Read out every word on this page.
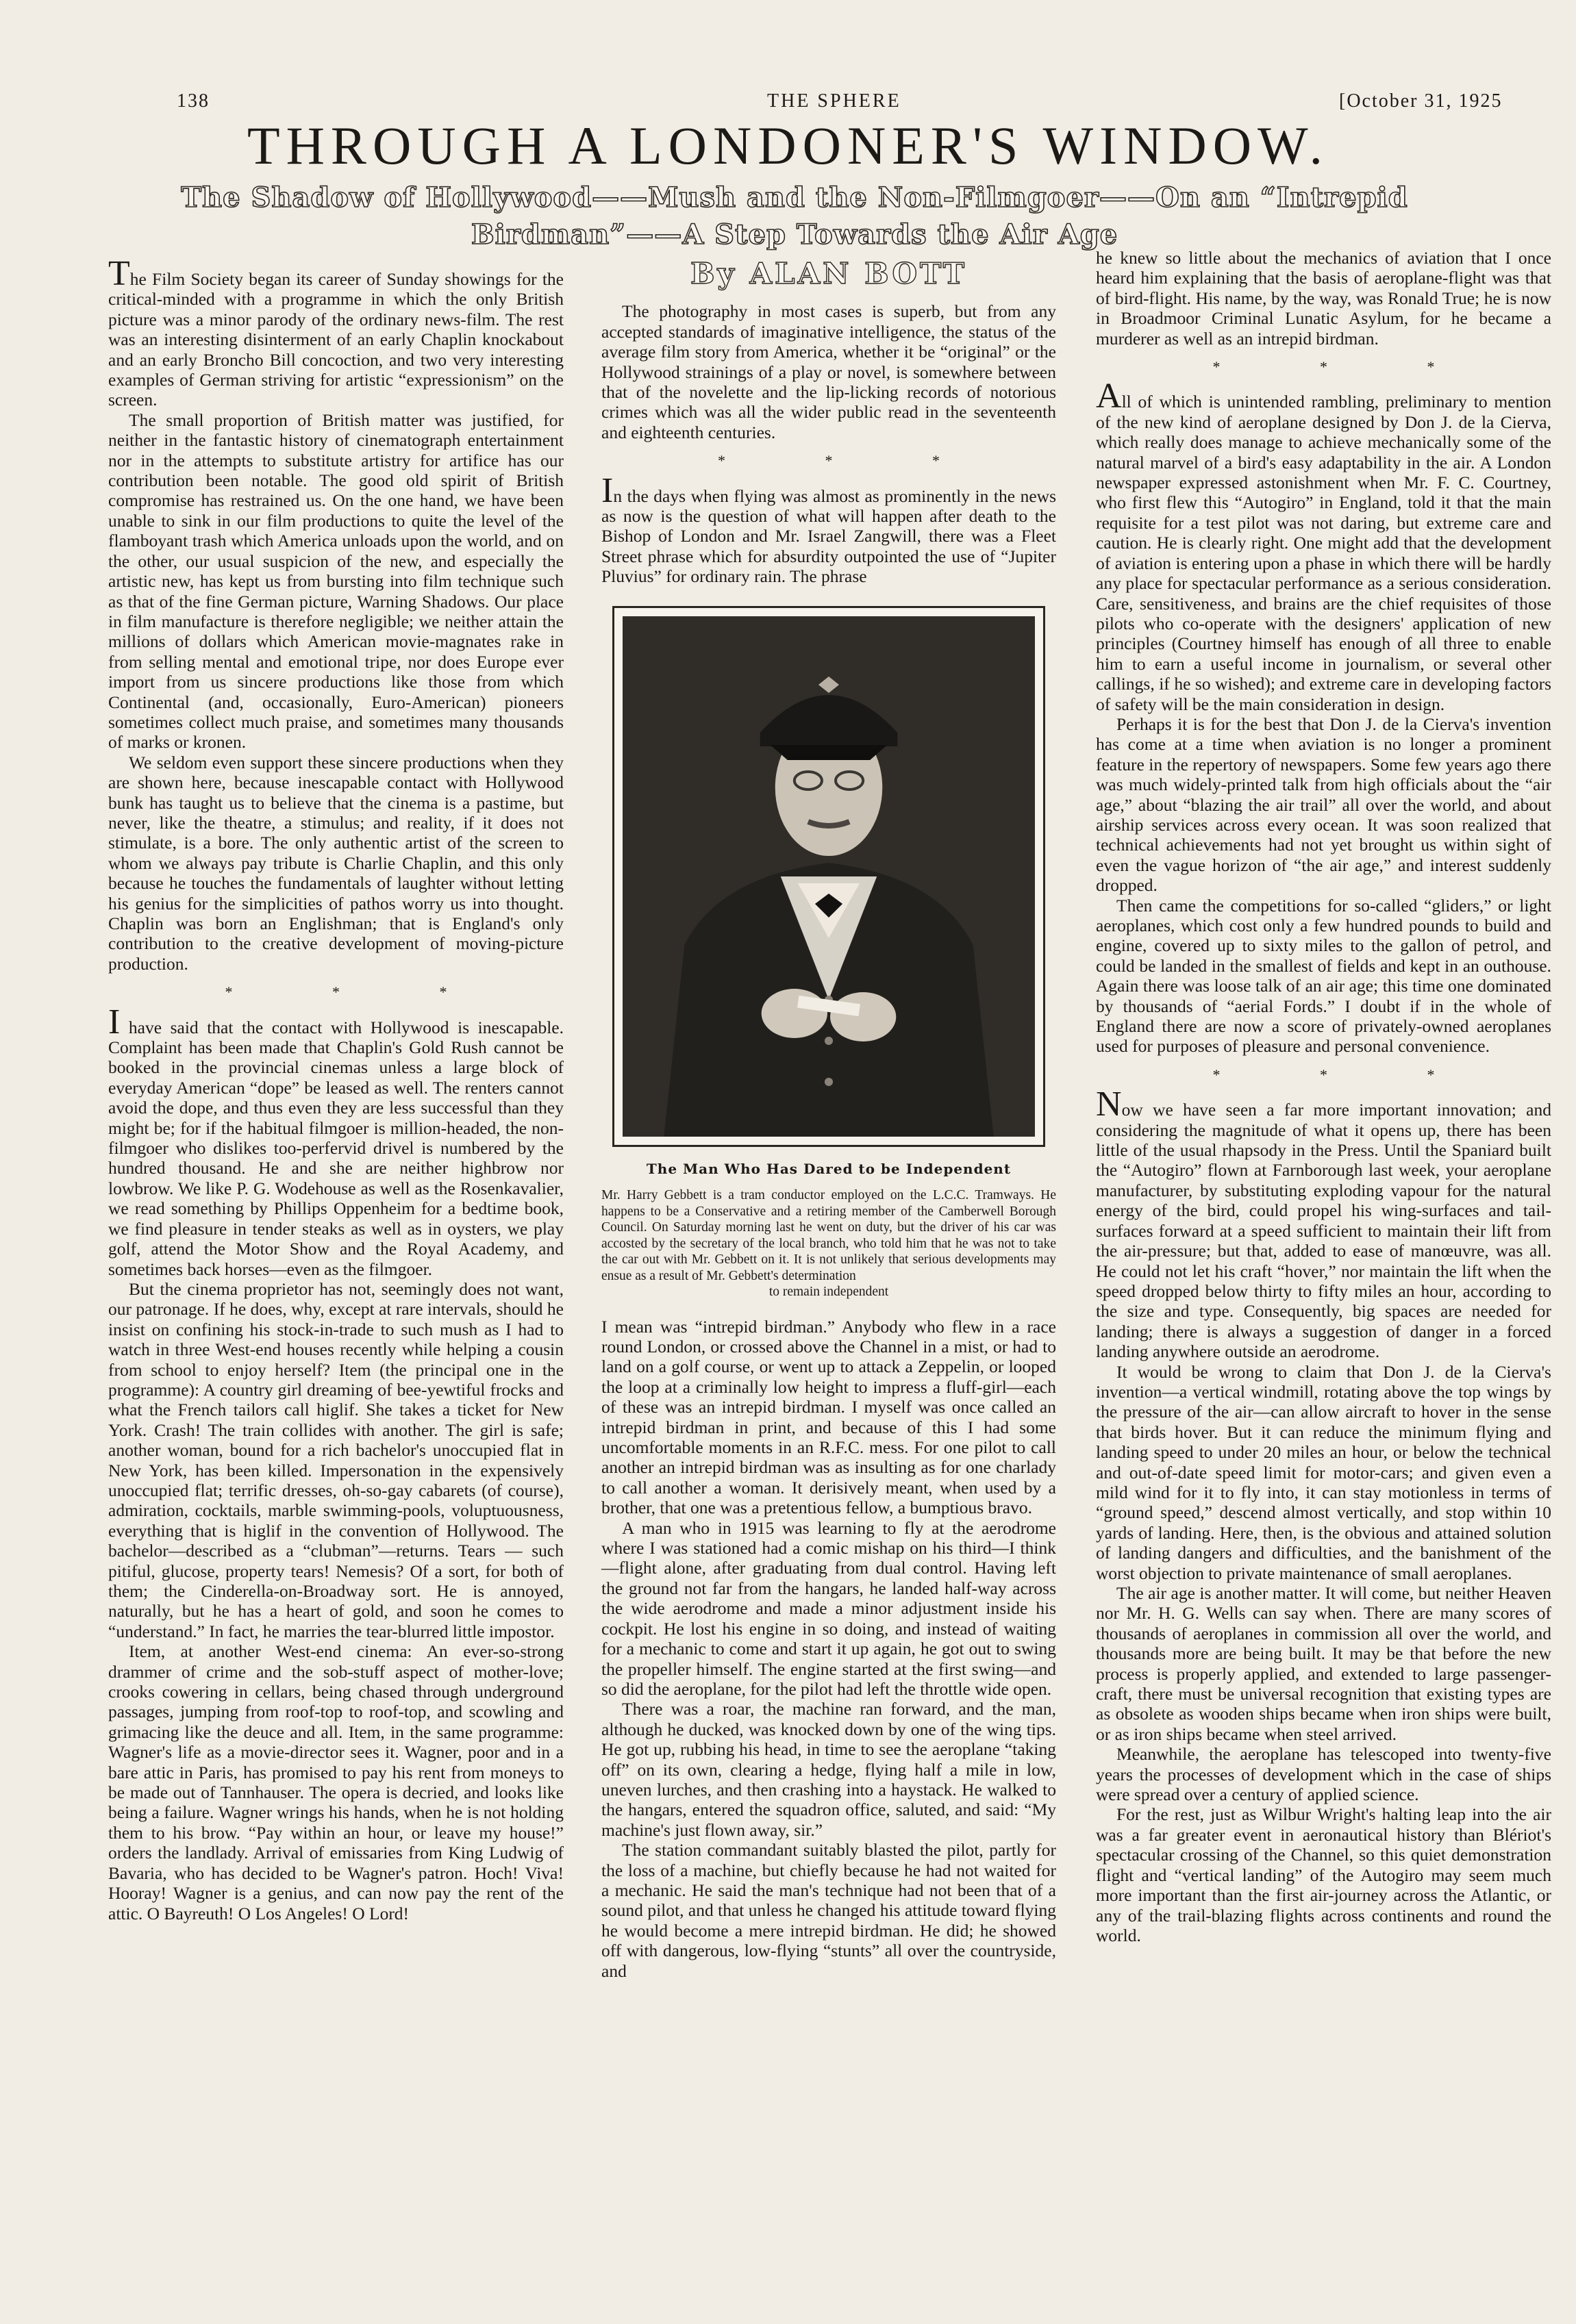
138	THE SPHERE	[October 31, 1925
THROUGH A LONDONER'S WINDOW.
The Shadow of Hollywood——Mush and the Non-Filmgoer——On an “Intrepid Birdman”——A Step Towards the Air Age

The Film Society began its career of Sunday showings for the critical-minded with a programme in which the only British picture was a minor parody of the ordinary news-film. The rest was an interesting disinterment of an early Chaplin knockabout and an early Broncho Bill concoction, and two very interesting examples of German striving for artistic “expressionism” on the screen.

The small proportion of British matter was justified, for neither in the fantastic history of cinematograph entertainment nor in the attempts to substitute artistry for artifice has our contribution been notable. The good old spirit of British compromise has restrained us. On the one hand, we have been unable to sink in our film productions to quite the level of the flamboyant trash which America unloads upon the world, and on the other, our usual suspicion of the new, and especially the artistic new, has kept us from bursting into film technique such as that of the fine German picture, Warning Shadows. Our place in film manufacture is therefore negligible; we neither attain the millions of dollars which American movie-magnates rake in from selling mental and emotional tripe, nor does Europe ever import from us sincere productions like those from which Continental (and, occasionally, Euro-American) pioneers sometimes collect much praise, and sometimes many thousands of marks or kronen.

We seldom even support these sincere productions when they are shown here, because inescapable contact with Hollywood bunk has taught us to believe that the cinema is a pastime, but never, like the theatre, a stimulus; and reality, if it does not stimulate, is a bore. The only authentic artist of the screen to whom we always pay tribute is Charlie Chaplin, and this only because he touches the fundamentals of laughter without letting his genius for the simplicities of pathos worry us into thought. Chaplin was born an Englishman; that is England's only contribution to the creative development of moving-picture production.

* * *

I have said that the contact with Hollywood is inescapable. Complaint has been made that Chaplin's Gold Rush cannot be booked in the provincial cinemas unless a large block of everyday American “dope” be leased as well. The renters cannot avoid the dope, and thus even they are less successful than they might be; for if the habitual filmgoer is million-headed, the non-filmgoer who dislikes too-perfervid drivel is numbered by the hundred thousand. He and she are neither highbrow nor lowbrow. We like P. G. Wodehouse as well as the Rosenkavalier, we read something by Phillips Oppenheim for a bedtime book, we find pleasure in tender steaks as well as in oysters, we play golf, attend the Motor Show and the Royal Academy, and sometimes back horses—even as the filmgoer.

But the cinema proprietor has not, seemingly does not want, our patronage. If he does, why, except at rare intervals, should he insist on confining his stock-in-trade to such mush as I had to watch in three West-end houses recently while helping a cousin from school to enjoy herself? Item (the principal one in the programme): A country girl dreaming of bee-yewtiful frocks and what the French tailors call higlif. She takes a ticket for New York. Crash! The train collides with another. The girl is safe; another woman, bound for a rich bachelor's unoccupied flat in New York, has been killed. Impersonation in the expensively unoccupied flat; terrific dresses, oh-so-gay cabarets (of course), admiration, cocktails, marble swimming-pools, voluptuousness, everything that is higlif in the convention of Hollywood. The bachelor—described as a “clubman”—returns. Tears — such pitiful, glucose, property tears! Nemesis? Of a sort, for both of them; the Cinderella-on-Broadway sort. He is annoyed, naturally, but he has a heart of gold, and soon he comes to “understand.” In fact, he marries the tear-blurred little impostor.

Item, at another West-end cinema: An ever-so-strong drammer of crime and the sob-stuff aspect of mother-love; crooks cowering in cellars, being chased through underground passages, jumping from roof-top to roof-top, and scowling and grimacing like the deuce and all. Item, in the same programme: Wagner's life as a movie-director sees it. Wagner, poor and in a bare attic in Paris, has promised to pay his rent from moneys to be made out of Tannhauser. The opera is decried, and looks like being a failure. Wagner wrings his hands, when he is not holding them to his brow. “Pay within an hour, or leave my house!” orders the landlady. Arrival of emissaries from King Ludwig of Bavaria, who has decided to be Wagner's patron. Hoch! Viva! Hooray! Wagner is a genius, and can now pay the rent of the attic. O Bayreuth! O Los Angeles! O Lord!

By ALAN BOTT

The photography in most cases is superb, but from any accepted standards of imaginative intelligence, the status of the average film story from America, whether it be “original” or the Hollywood strainings of a play or novel, is somewhere between that of the novelette and the lip-licking records of notorious crimes which was all the wider public read in the seventeenth and eighteenth centuries.

* * *

In the days when flying was almost as prominently in the news as now is the question of what will happen after death to the Bishop of London and Mr. Israel Zangwill, there was a Fleet Street phrase which for absurdity outpointed the use of “Jupiter Pluvius” for ordinary rain. The phrase

The Man Who Has Dared to be Independent

Mr. Harry Gebbett is a tram conductor employed on the L.C.C. Tramways. He happens to be a Conservative and a retiring member of the Camberwell Borough Council. On Saturday morning last he went on duty, but the driver of his car was accosted by the secretary of the local branch, who told him that he was not to take the car out with Mr. Gebbett on it. It is not unlikely that serious developments may ensue as a result of Mr. Gebbett's determination
to remain independent

I mean was “intrepid birdman.” Anybody who flew in a race round London, or crossed above the Channel in a mist, or had to land on a golf course, or went up to attack a Zeppelin, or looped the loop at a criminally low height to impress a fluff-girl—each of these was an intrepid birdman. I myself was once called an intrepid birdman in print, and because of this I had some uncomfortable moments in an R.F.C. mess. For one pilot to call another an intrepid birdman was as insulting as for one charlady to call another a woman. It derisively meant, when used by a brother, that one was a pretentious fellow, a bumptious bravo.

A man who in 1915 was learning to fly at the aerodrome where I was stationed had a comic mishap on his third—I think—flight alone, after graduating from dual control. Having left the ground not far from the hangars, he landed half-way across the wide aerodrome and made a minor adjustment inside his cockpit. He lost his engine in so doing, and instead of waiting for a mechanic to come and start it up again, he got out to swing the propeller himself. The engine started at the first swing—and so did the aeroplane, for the pilot had left the throttle wide open.

There was a roar, the machine ran forward, and the man, although he ducked, was knocked down by one of the wing tips. He got up, rubbing his head, in time to see the aeroplane “taking off” on its own, clearing a hedge, flying half a mile in low, uneven lurches, and then crashing into a haystack. He walked to the hangars, entered the squadron office, saluted, and said: “My machine's just flown away, sir.”

The station commandant suitably blasted the pilot, partly for the loss of a machine, but chiefly because he had not waited for a mechanic. He said the man's technique had not been that of a sound pilot, and that unless he changed his attitude toward flying he would become a mere intrepid birdman. He did; he showed off with dangerous, low-flying “stunts” all over the countryside, and

he knew so little about the mechanics of aviation that I once heard him explaining that the basis of aeroplane-flight was that of bird-flight. His name, by the way, was Ronald True; he is now in Broadmoor Criminal Lunatic Asylum, for he became a murderer as well as an intrepid birdman.

* * *

All of which is unintended rambling, preliminary to mention of the new kind of aeroplane designed by Don J. de la Cierva, which really does manage to achieve mechanically some of the natural marvel of a bird's easy adaptability in the air. A London newspaper expressed astonishment when Mr. F. C. Courtney, who first flew this “Autogiro” in England, told it that the main requisite for a test pilot was not daring, but extreme care and caution. He is clearly right. One might add that the development of aviation is entering upon a phase in which there will be hardly any place for spectacular performance as a serious consideration. Care, sensitiveness, and brains are the chief requisites of those pilots who co-operate with the designers' application of new principles (Courtney himself has enough of all three to enable him to earn a useful income in journalism, or several other callings, if he so wished); and extreme care in developing factors of safety will be the main consideration in design.

Perhaps it is for the best that Don J. de la Cierva's invention has come at a time when aviation is no longer a prominent feature in the repertory of newspapers. Some few years ago there was much widely-printed talk from high officials about the “air age,” about “blazing the air trail” all over the world, and about airship services across every ocean. It was soon realized that technical achievements had not yet brought us within sight of even the vague horizon of “the air age,” and interest suddenly dropped.

Then came the competitions for so-called “gliders,” or light aeroplanes, which cost only a few hundred pounds to build and engine, covered up to sixty miles to the gallon of petrol, and could be landed in the smallest of fields and kept in an outhouse. Again there was loose talk of an air age; this time one dominated by thousands of “aerial Fords.” I doubt if in the whole of England there are now a score of privately-owned aeroplanes used for purposes of pleasure and personal convenience.

* * *

Now we have seen a far more important innovation; and considering the magnitude of what it opens up, there has been little of the usual rhapsody in the Press. Until the Spaniard built the “Autogiro” flown at Farnborough last week, your aeroplane manufacturer, by substituting exploding vapour for the natural energy of the bird, could propel his wing-surfaces and tail-surfaces forward at a speed sufficient to maintain their lift from the air-pressure; but that, added to ease of manœuvre, was all. He could not let his craft “hover,” nor maintain the lift when the speed dropped below thirty to fifty miles an hour, according to the size and type. Consequently, big spaces are needed for landing; there is always a suggestion of danger in a forced landing anywhere outside an aerodrome.

It would be wrong to claim that Don J. de la Cierva's invention—a vertical windmill, rotating above the top wings by the pressure of the air—can allow aircraft to hover in the sense that birds hover. But it can reduce the minimum flying and landing speed to under 20 miles an hour, or below the technical and out-of-date speed limit for motor-cars; and given even a mild wind for it to fly into, it can stay motionless in terms of “ground speed,” descend almost vertically, and stop within 10 yards of landing. Here, then, is the obvious and attained solution of landing dangers and difficulties, and the banishment of the worst objection to private maintenance of small aeroplanes.

The air age is another matter. It will come, but neither Heaven nor Mr. H. G. Wells can say when. There are many scores of thousands of aeroplanes in commission all over the world, and thousands more are being built. It may be that before the new process is properly applied, and extended to large passenger-craft, there must be universal recognition that existing types are as obsolete as wooden ships became when iron ships were built, or as iron ships became when steel arrived.

Meanwhile, the aeroplane has telescoped into twenty-five years the processes of development which in the case of ships were spread over a century of applied science.

For the rest, just as Wilbur Wright's halting leap into the air was a far greater event in aeronautical history than Blériot's spectacular crossing of the Channel, so this quiet demonstration flight and “vertical landing” of the Autogiro may seem much more important than the first air-journey across the Atlantic, or any of the trail-blazing flights across continents and round the world.
